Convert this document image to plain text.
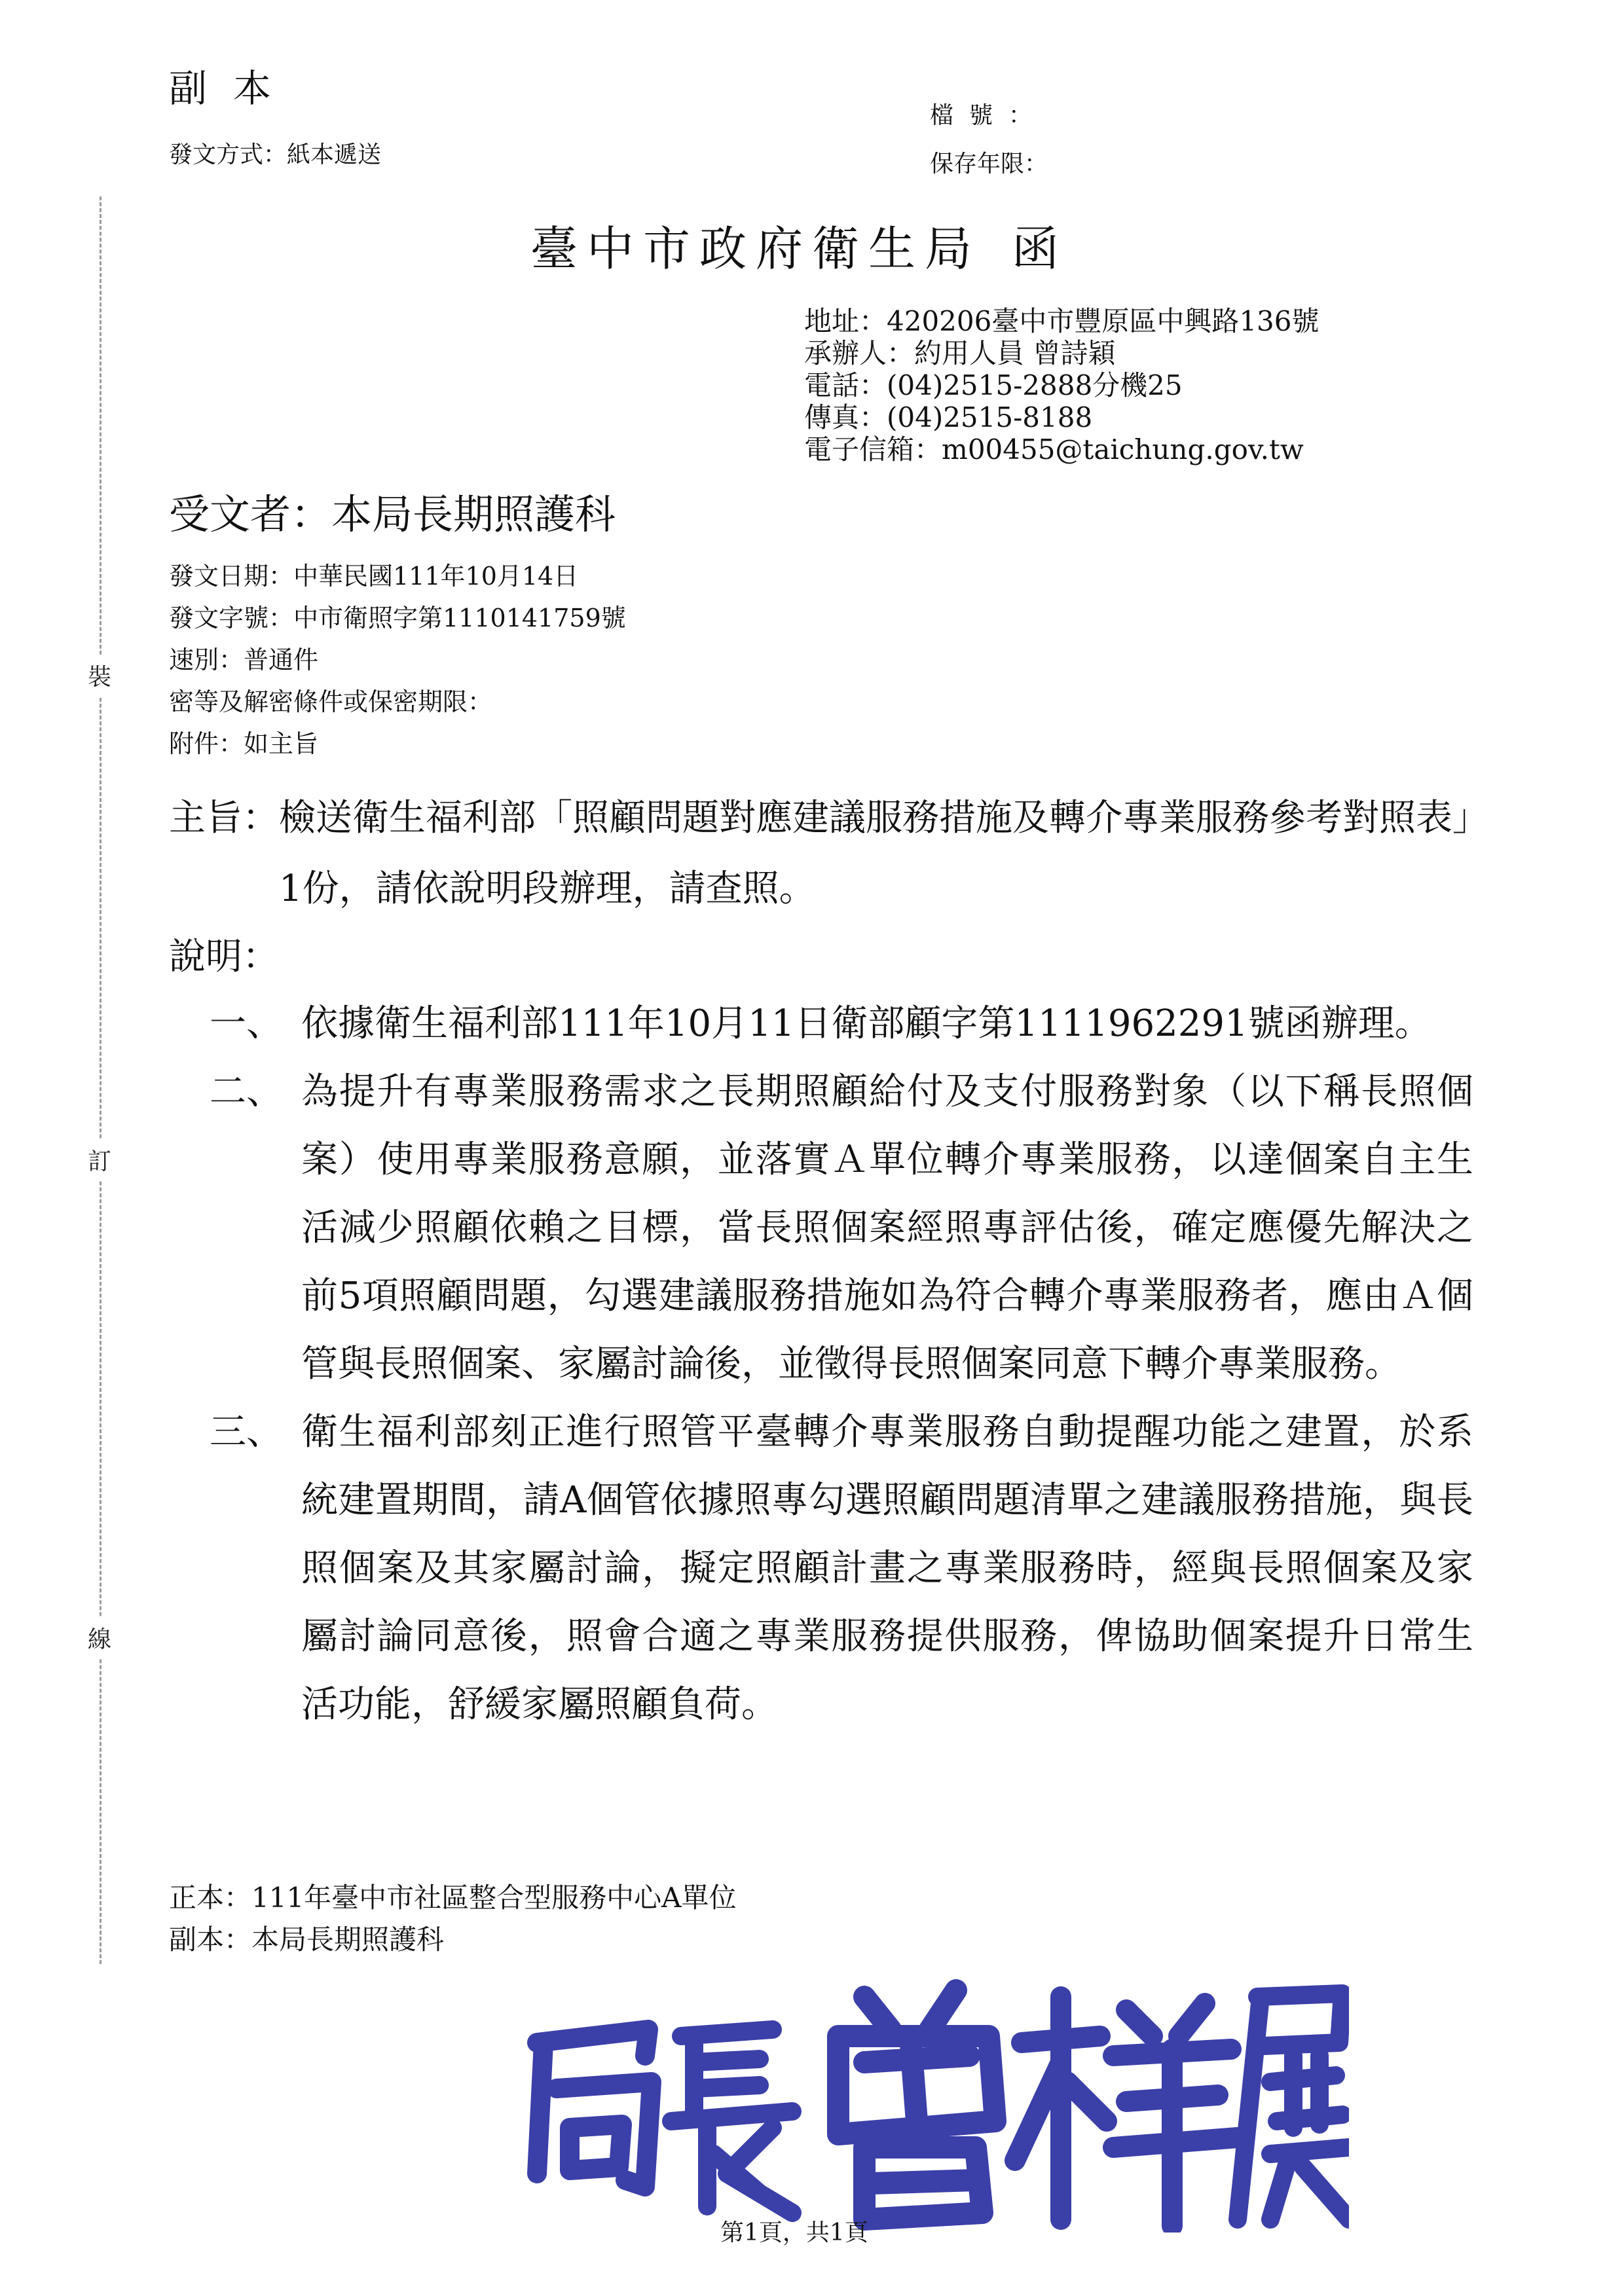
裝
訂
線
副本
發文方式：紙本遞送
檔號：
保存年限：
臺中市政府衛生局 函
地址：420206臺中市豐原區中興路136號
承辦人：約用人員 曾詩穎
電話：(04)2515-2888分機25
傳真：(04)2515-8188
電子信箱：m00455@taichung.gov.tw
受文者：本局長期照護科
發文日期：中華民國111年10月14日
發文字號：中市衛照字第1110141759號
速別：普通件
密等及解密條件或保密期限：
附件：如主旨
主旨： 檢送衛生福利部「照顧問題對應建議服務措施及轉介專業服務參考對照表」1份，請依說明段辦理，請查照。
說明：
一、 依據衛生福利部111年10月11日衛部顧字第1111962291號函辦理。
二、 為提升有專業服務需求之長期照顧給付及支付服務對象（以下稱長照個案）使用專業服務意願，並落實Ａ單位轉介專業服務，以達個案自主生活減少照顧依賴之目標，當長照個案經照專評估後，確定應優先解決之前5項照顧問題，勾選建議服務措施如為符合轉介專業服務者，應由Ａ個管與長照個案、家屬討論後，並徵得長照個案同意下轉介專業服務。
三、 衛生福利部刻正進行照管平臺轉介專業服務自動提醒功能之建置，於系統建置期間，請A個管依據照專勾選照顧問題清單之建議服務措施，與長照個案及其家屬討論，擬定照顧計畫之專業服務時，經與長照個案及家屬討論同意後，照會合適之專業服務提供服務，俾協助個案提升日常生活功能，舒緩家屬照顧負荷。
正本：111年臺中市社區整合型服務中心A單位
副本：本局長期照護科
第1頁，共1頁
